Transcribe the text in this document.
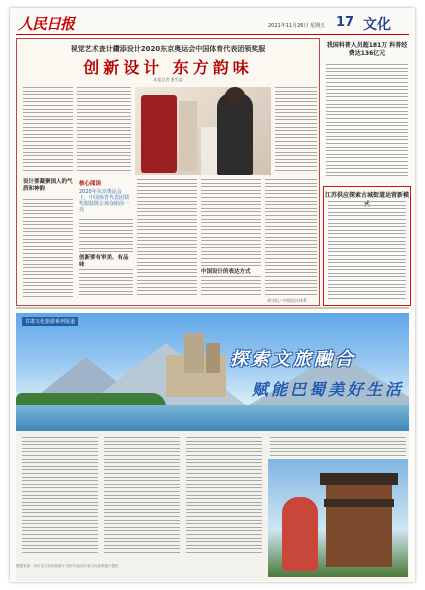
人民日报	2021年11月26日 星期五 17 文化
视觉艺术查计鑽添设计2020东京奥运会中国体育代表团领奖服
创新设计 东方韵味
本报记者 曹雪盈
设计要凝聚国人的气质和神韵
核心阅读
2020年东京奥运会上，中国体育代表团领奖服装既让观众眼前一亮
创新要有审美、有品味
中国设计的表达方式
刘守恒／中国设计体系
我国科普人员超181万 科普经费达136亿元
江苏供应探索古城街道运营新模
甘肃文化旅游系列报道
探索文旅融合
赋能巴蜀美好生活
数据来源：四川省文化和旅游厅 图片均由四川省文化和旅游厅提供
